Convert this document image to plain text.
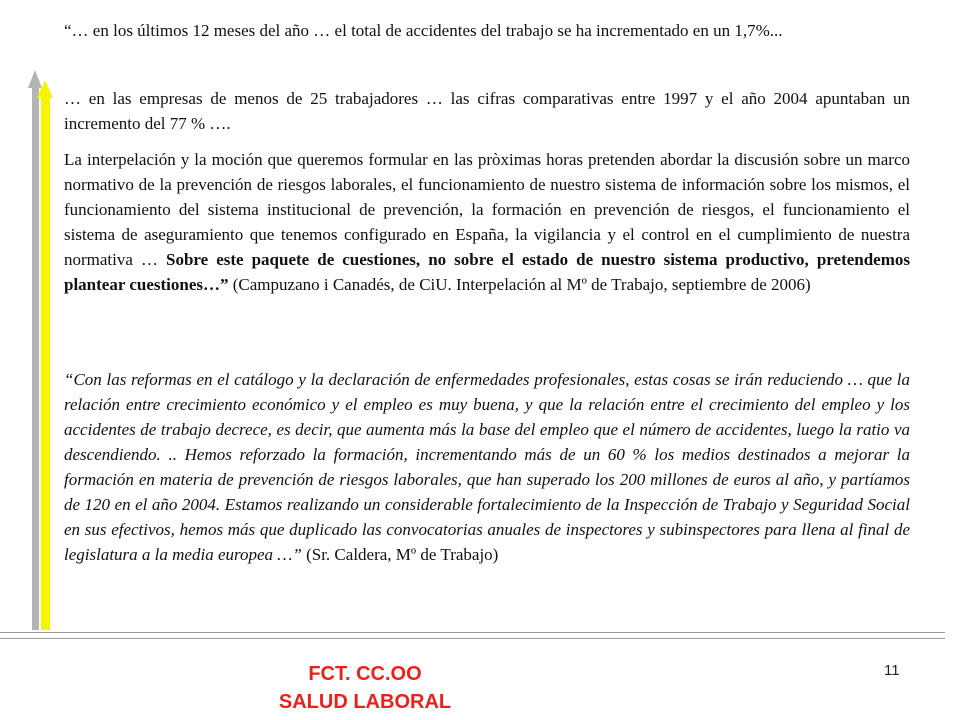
“… en los últimos 12 meses del año … el total de accidentes del trabajo se ha incrementado en un 1,7%...

… en las empresas de menos de 25 trabajadores … las cifras comparativas entre 1997 y el año 2004 apuntaban un incremento del 77 % ….

La interpelación y la moción que queremos formular en las pròximas horas pretenden abordar la discusión sobre un marco normativo de la prevención de riesgos laborales, el funcionamiento de nuestro sistema de información sobre los mismos, el funcionamiento del sistema institucional de prevención, la formación en prevención de riesgos, el funcionamiento el sistema de aseguramiento que tenemos configurado en España, la vigilancia y el control en el cumplimiento de nuestra normativa … Sobre este paquete de cuestiones, no sobre el estado de nuestro sistema productivo, pretendemos plantear cuestiones…” (Campuzano i Canadés, de CiU. Interpelación al Mº de Trabajo, septiembre de 2006)

“Con las reformas en el catálogo y la declaración de enfermedades profesionales, estas cosas se irán reduciendo … que la relación entre crecimiento económico y el empleo es muy buena, y que la relación entre el crecimiento del empleo y los accidentes de trabajo decrece, es decir, que aumenta más la base del empleo que el número de accidentes, luego la ratio va descendiendo. .. Hemos reforzado la formación, incrementando más de un 60 % los medios destinados a mejorar la formación en materia de prevención de riesgos laborales, que han superado los 200 millones de euros al año, y partíamos de 120 en el año 2004. Estamos realizando un considerable fortalecimiento de la Inspección de Trabajo y Seguridad Social en sus efectivos, hemos más que duplicado las convocatorias anuales de inspectores y subinspectores para llena al final de legislatura a la media europea …” (Sr. Caldera, Mº de Trabajo)

FCT. CC.OO
SALUD LABORAL
11
